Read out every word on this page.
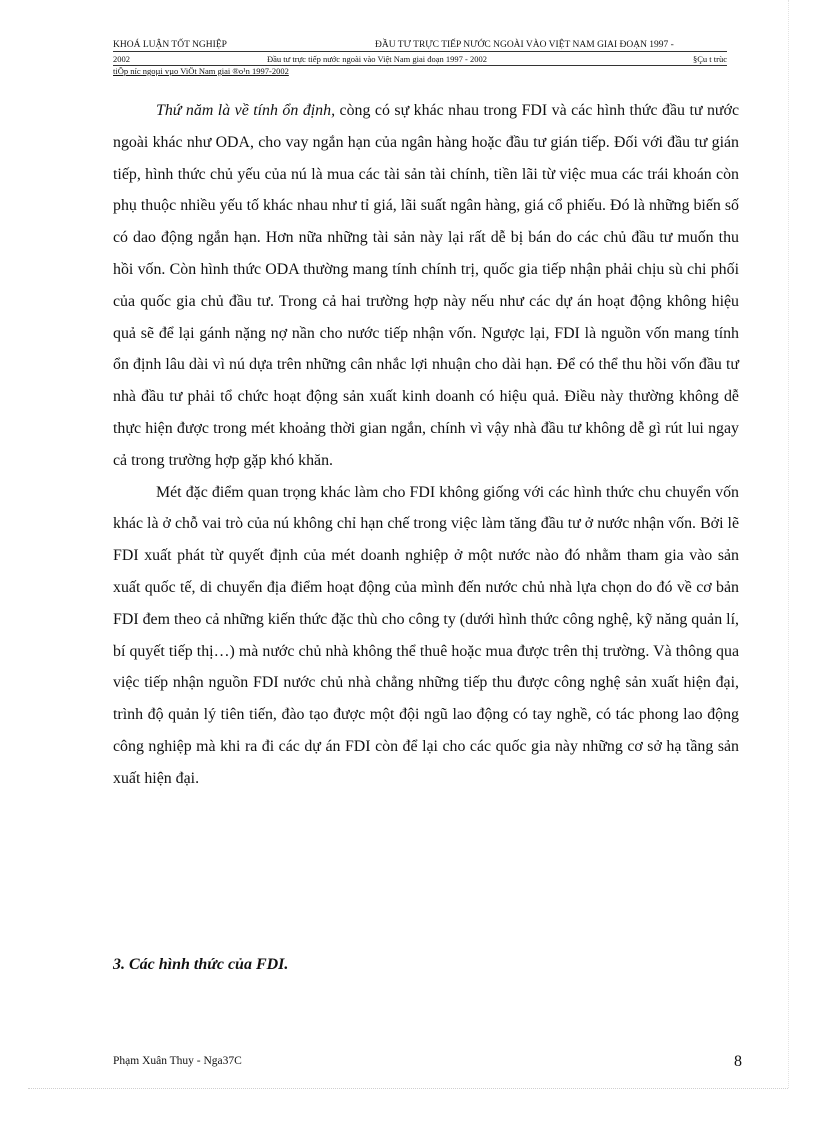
KHOÁ LUẬN TỐT NGHIỆP	ĐẦU TƯ TRỰC TIẾP NƯỚC NGOÀI VÀO VIỆT NAM GIAI ĐOẠN 1997 -
2002	Đầu tư trực tiếp nước ngoài vào Việt Nam giai đoạn 1997 - 2002	§Çu t trùc
tiÕp níc ngoµi vµo ViÖt Nam giai ®o¹n 1997-2002

Thứ năm là về tính ổn định, còng có sự khác nhau trong FDI và các hình thức đầu tư nước ngoài khác như ODA, cho vay ngắn hạn của ngân hàng hoặc đầu tư gián tiếp. Đối với đầu tư gián tiếp, hình thức chủ yếu của nú là mua các tài sản tài chính, tiền lãi từ việc mua các trái khoán còn phụ thuộc nhiều yếu tố khác nhau như tỉ giá, lãi suất ngân hàng, giá cổ phiếu. Đó là những biến số có dao động ngắn hạn. Hơn nữa những tài sản này lại rất dễ bị bán do các chủ đầu tư muốn thu hồi vốn. Còn hình thức ODA thường mang tính chính trị, quốc gia tiếp nhận phải chịu sù chi phối của quốc gia chủ đầu tư. Trong cả hai trường hợp này nếu như các dự án hoạt động không hiệu quả sẽ để lại gánh nặng nợ nần cho nước tiếp nhận vốn. Ngược lại, FDI là nguồn vốn mang tính ổn định lâu dài vì nú dựa trên những cân nhắc lợi nhuận cho dài hạn. Để có thể thu hồi vốn đầu tư nhà đầu tư phải tổ chức hoạt động sản xuất kinh doanh có hiệu quả. Điều này thường không dễ thực hiện được trong mét khoảng thời gian ngắn, chính vì vậy nhà đầu tư không dễ gì rút lui ngay cả trong trường hợp gặp khó khăn.

Mét đặc điểm quan trọng khác làm cho FDI không giống với các hình thức chu chuyển vốn khác là ở chỗ vai trò của nú không chỉ hạn chế trong việc làm tăng đầu tư ở nước nhận vốn. Bởi lẽ FDI xuất phát từ quyết định của mét doanh nghiệp ở một nước nào đó nhằm tham gia vào sản xuất quốc tế, di chuyển địa điểm hoạt động của mình đến nước chủ nhà lựa chọn do đó về cơ bản FDI đem theo cả những kiến thức đặc thù cho công ty (dưới hình thức công nghệ, kỹ năng quản lí, bí quyết tiếp thị…) mà nước chủ nhà không thể thuê hoặc mua được trên thị trường. Và thông qua việc tiếp nhận nguồn FDI nước chủ nhà chẳng những tiếp thu được công nghệ sản xuất hiện đại, trình độ quản lý tiên tiến, đào tạo được một đội ngũ lao động có tay nghề, có tác phong lao động công nghiệp mà khi ra đi các dự án FDI còn để lại cho các quốc gia này những cơ sở hạ tầng sản xuất hiện đại.

3. Các hình thức của FDI.
Phạm Xuân Thuy - Nga37C	8
